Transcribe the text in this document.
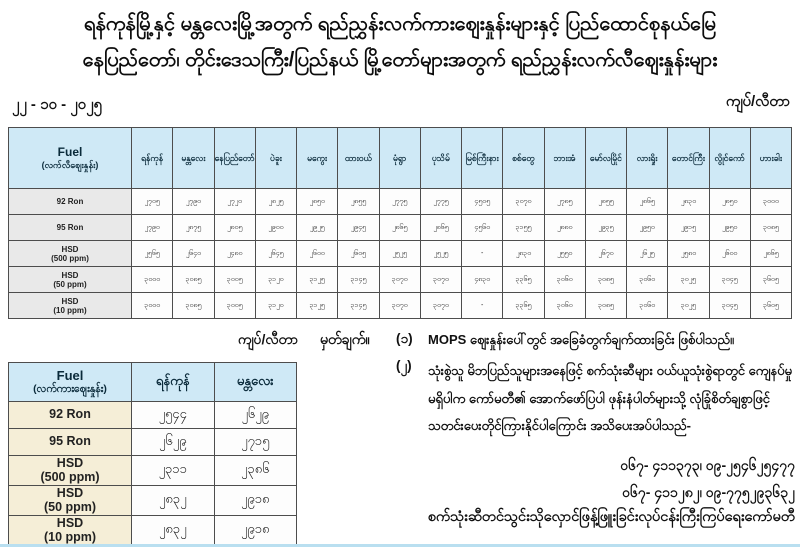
ရန်ကုန်မြို့နှင့် မန္တလေးမြို့အတွက် ရည်ညွှန်းလက်ကားဈေးနှုန်းများနှင့် ပြည်ထောင်စုနယ်မြေ
နေပြည်တော်၊ တိုင်းဒေသကြီး/ပြည်နယ် မြို့တော်များအတွက် ရည်ညွှန်းလက်လီဈေးနှုန်းများ
၂၂ - ၁၀ - ၂၀၂၅	ကျပ်/လီတာ
Fuel
(လက်လီဈေးနှုန်း)	ရန်ကုန်	မန္တလေး	နေပြည်တော်	ပဲခူး	မကွေး	ထားဝယ်	မုံရွာ	ပုသိမ်	မြစ်ကြီးနား	စစ်တွေ	ဘားအံ	မော်လမြိုင်	လားရှိုး	တောင်ကြီး	လွိုင်ကော်	ဟားခါး

92 Ron	၂၇၀၅	၂၇၉၀	၂၇၂၀	၂၈၂၅	၂၈၅၀	၂၈၅၅	၂၇၇၅	၂၇၇၅	၄၅၀၅	၃၀၇၀	၂၇၈၅	၂၈၅၅	၂၈၆၅	၂၈၃၀	၂၈၅၀	၃၀၀၀

95 Ron	၂၇၉၀	၂၈၇၅	၂၈၀၅	၂၉၀၀	၂၉၂၅	၂၉၄၅	၂၈၆၅	၂၈၆၅	၄၅၆၀	၃၁၅၅	၂၈၈၀	၂၉၃၅	၂၉၅၀	၂၉၁၅	၂၉၅၀	၃၀၈၅

HSD
(500 ppm)	၂၅၆၅	၂၆၄၀	၂၄၈၀	၂၆၄၅	၂၆၀၀	၂၆၀၅	၂၅၂၅	၂၅၂၅	-	၂၈၃၀	၂၅၅၀	၂၆၇၀	၂၆၂၅	၂၅၈၀	၂၆၀၀	၂၈၆၅

HSD
(50 ppm)	၃၀၀၀	၃၀၈၅	၃၀၀၅	၃၁၂၀	၃၁၂၅	၃၁၄၅	၃၀၇၀	၃၀၇၀	၄၈၃၀	၃၃၆၅	၃၀၆၀	၃၀၈၅	၃၀၆၀	၃၀၂၅	၃၀၄၅	၃၆၀၅

HSD
(10 ppm)	၃၀၀၀	၃၀၈၅	၃၀၀၅	၃၁၂၀	၃၁၂၅	၃၁၄၅	၃၀၇၀	၃၀၇၀	-	၃၃၆၅	၃၀၆၀	၃၀၈၅	၃၀၆၀	၃၀၂၅	၃၀၄၅	၃၆၀၅
ကျပ်/လီတာ မှတ်ချက်။ (၁) MOPS ဈေးနှုန်းပေါ်တွင် အခြေခံတွက်ချက်ထားခြင်း ဖြစ်ပါသည်။
(၂) သုံးစွဲသူ မိဘပြည်သူများအနေဖြင့် စက်သုံးဆီများ ဝယ်ယူသုံးစွဲရာတွင် ကျေနပ်မှုမရှိပါက ကော်မတီ၏ အောက်ဖော်ပြပါ ဖုန်းနံပါတ်များသို့ လုံခြုံစိတ်ချစွာဖြင့် သတင်းပေးတိုင်ကြားနိုင်ပါကြောင်း အသိပေးအပ်ပါသည်-
ဝ၆၇- ၄၁၁၃၇၃၊ ဝ၉-၂၅၄၆၂၅၄၇၇
ဝ၆၇- ၄၁၁၂၈၂၊ ဝ၉-၇၇၅၂၉၃၆၃၂
စက်သုံးဆီတင်သွင်းသိုလှောင်ဖြန့်ဖြူးခြင်းလုပ်ငန်းကြီးကြပ်ရေးကော်မတီ
Fuel
(လက်ကားဈေးနှုန်း)	ရန်ကုန်	မန္တလေး

92 Ron	၂၅၄၄	၂၆၂၉

95 Ron	၂၆၂၉	၂၇၁၅

HSD
(500 ppm)	၂၃၁၁	၂၃၈၆

HSD
(50 ppm)	၂၈၃၂	၂၉၁၈

HSD
(10 ppm)	၂၈၃၂	၂၉၁၈
